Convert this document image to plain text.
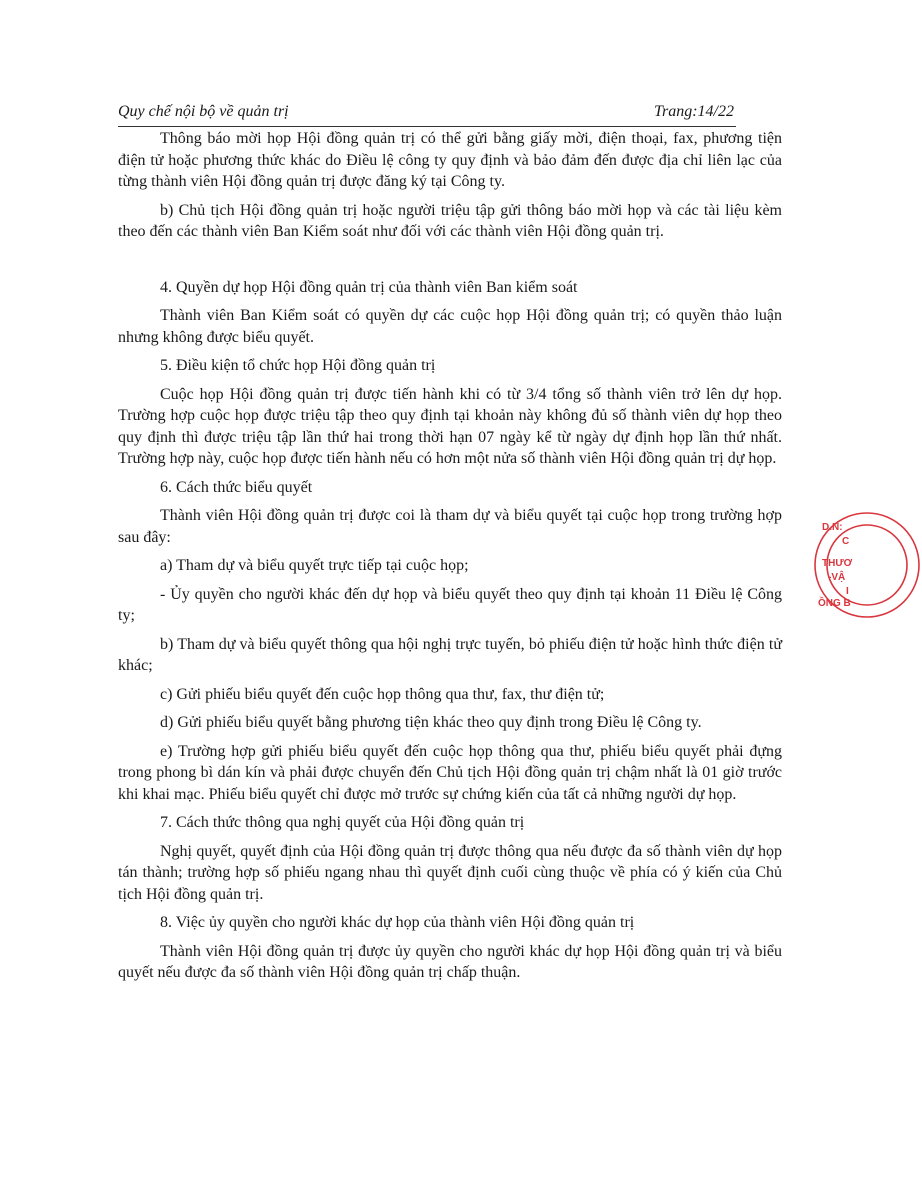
Quy chế nội bộ về quản trị	Trang:14/22

Thông báo mời họp Hội đồng quản trị có thể gửi bằng giấy mời, điện thoại, fax, phương tiện điện tử hoặc phương thức khác do Điều lệ công ty quy định và bảo đảm đến được địa chỉ liên lạc của từng thành viên Hội đồng quản trị được đăng ký tại Công ty.

b) Chủ tịch Hội đồng quản trị hoặc người triệu tập gửi thông báo mời họp và các tài liệu kèm theo đến các thành viên Ban Kiểm soát như đối với các thành viên Hội đồng quản trị.

4. Quyền dự họp Hội đồng quản trị của thành viên Ban kiểm soát

Thành viên Ban Kiểm soát có quyền dự các cuộc họp Hội đồng quản trị; có quyền thảo luận nhưng không được biểu quyết.

5. Điều kiện tổ chức họp Hội đồng quản trị

Cuộc họp Hội đồng quản trị được tiến hành khi có từ 3/4 tổng số thành viên trở lên dự họp. Trường hợp cuộc họp được triệu tập theo quy định tại khoản này không đủ số thành viên dự họp theo quy định thì được triệu tập lần thứ hai trong thời hạn 07 ngày kể từ ngày dự định họp lần thứ nhất. Trường hợp này, cuộc họp được tiến hành nếu có hơn một nửa số thành viên Hội đồng quản trị dự họp.

6. Cách thức biểu quyết

Thành viên Hội đồng quản trị được coi là tham dự và biểu quyết tại cuộc họp trong trường hợp sau đây:

a) Tham dự và biểu quyết trực tiếp tại cuộc họp;

- Ủy quyền cho người khác đến dự họp và biểu quyết theo quy định tại khoản 11 Điều lệ Công ty;

b) Tham dự và biểu quyết thông qua hội nghị trực tuyến, bỏ phiếu điện tử hoặc hình thức điện tử khác;

c) Gửi phiếu biểu quyết đến cuộc họp thông qua thư, fax, thư điện tử;

d) Gửi phiếu biểu quyết bằng phương tiện khác theo quy định trong Điều lệ Công ty.

e) Trường hợp gửi phiếu biểu quyết đến cuộc họp thông qua thư, phiếu biểu quyết phải đựng trong phong bì dán kín và phải được chuyển đến Chủ tịch Hội đồng quản trị chậm nhất là 01 giờ trước khi khai mạc. Phiếu biểu quyết chỉ được mở trước sự chứng kiến của tất cả những người dự họp.

7. Cách thức thông qua nghị quyết của Hội đồng quản trị

Nghị quyết, quyết định của Hội đồng quản trị được thông qua nếu được đa số thành viên dự họp tán thành; trường hợp số phiếu ngang nhau thì quyết định cuối cùng thuộc về phía có ý kiến của Chủ tịch Hội đồng quản trị.

8. Việc ủy quyền cho người khác dự họp của thành viên Hội đồng quản trị

Thành viên Hội đồng quản trị được ủy quyền cho người khác dự họp Hội đồng quản trị và biểu quyết nếu được đa số thành viên Hội đồng quản trị chấp thuận.

D.N:
C
THƯƠ
-VẬ
I
ỒNG B
